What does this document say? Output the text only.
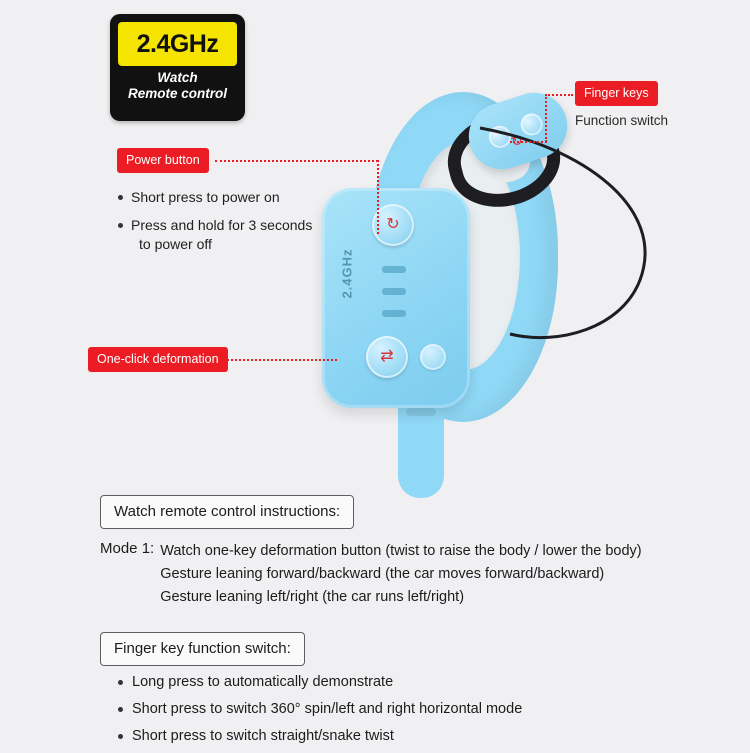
2.4GHz
Watch
Remote control
↻
2.4GHz
↻
⇄
Power button
Short press to power on
Press and hold for 3 seconds
to power off
One-click deformation
Finger keys
Function switch
Watch remote control instructions:
Mode 1: Watch one-key deformation button (twist to raise the body / lower the body)
Gesture leaning forward/backward (the car moves forward/backward)
Gesture leaning left/right (the car runs left/right)
Finger key function switch:
Long press to automatically demonstrate
Short press to switch 360° spin/left and right horizontal mode
Short press to switch straight/snake twist
